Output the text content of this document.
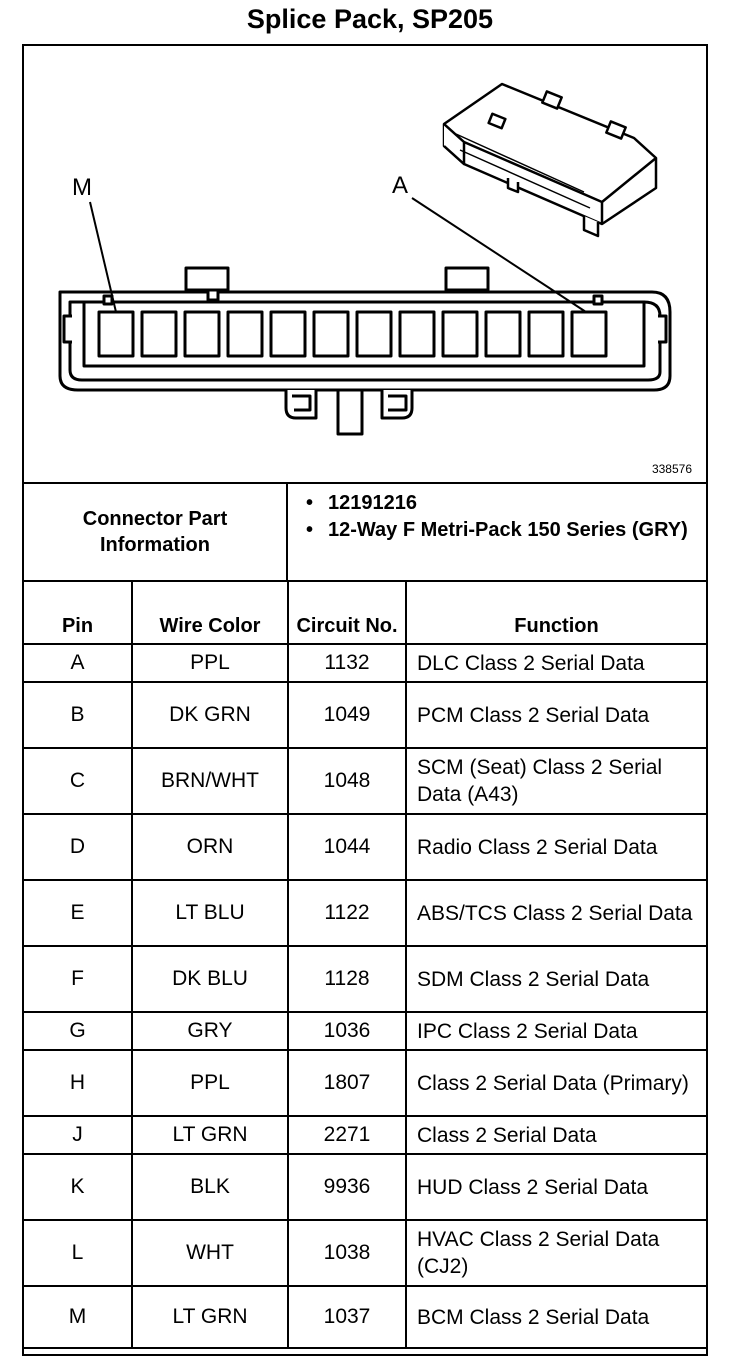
Splice Pack, SP205
M	A
338576
Connector Part Information
• 12191216
• 12-Way F Metri-Pack 150 Series (GRY)
Pin	Wire Color	Circuit No.	Function
A	PPL	1132	DLC Class 2 Serial Data
B	DK GRN	1049	PCM Class 2 Serial Data
C	BRN/WHT	1048	SCM (Seat) Class 2 Serial Data (A43)
D	ORN	1044	Radio Class 2 Serial Data
E	LT BLU	1122	ABS/TCS Class 2 Serial Data
F	DK BLU	1128	SDM Class 2 Serial Data
G	GRY	1036	IPC Class 2 Serial Data
H	PPL	1807	Class 2 Serial Data (Primary)
J	LT GRN	2271	Class 2 Serial Data
K	BLK	9936	HUD Class 2 Serial Data
L	WHT	1038	HVAC Class 2 Serial Data (CJ2)
M	LT GRN	1037	BCM Class 2 Serial Data
